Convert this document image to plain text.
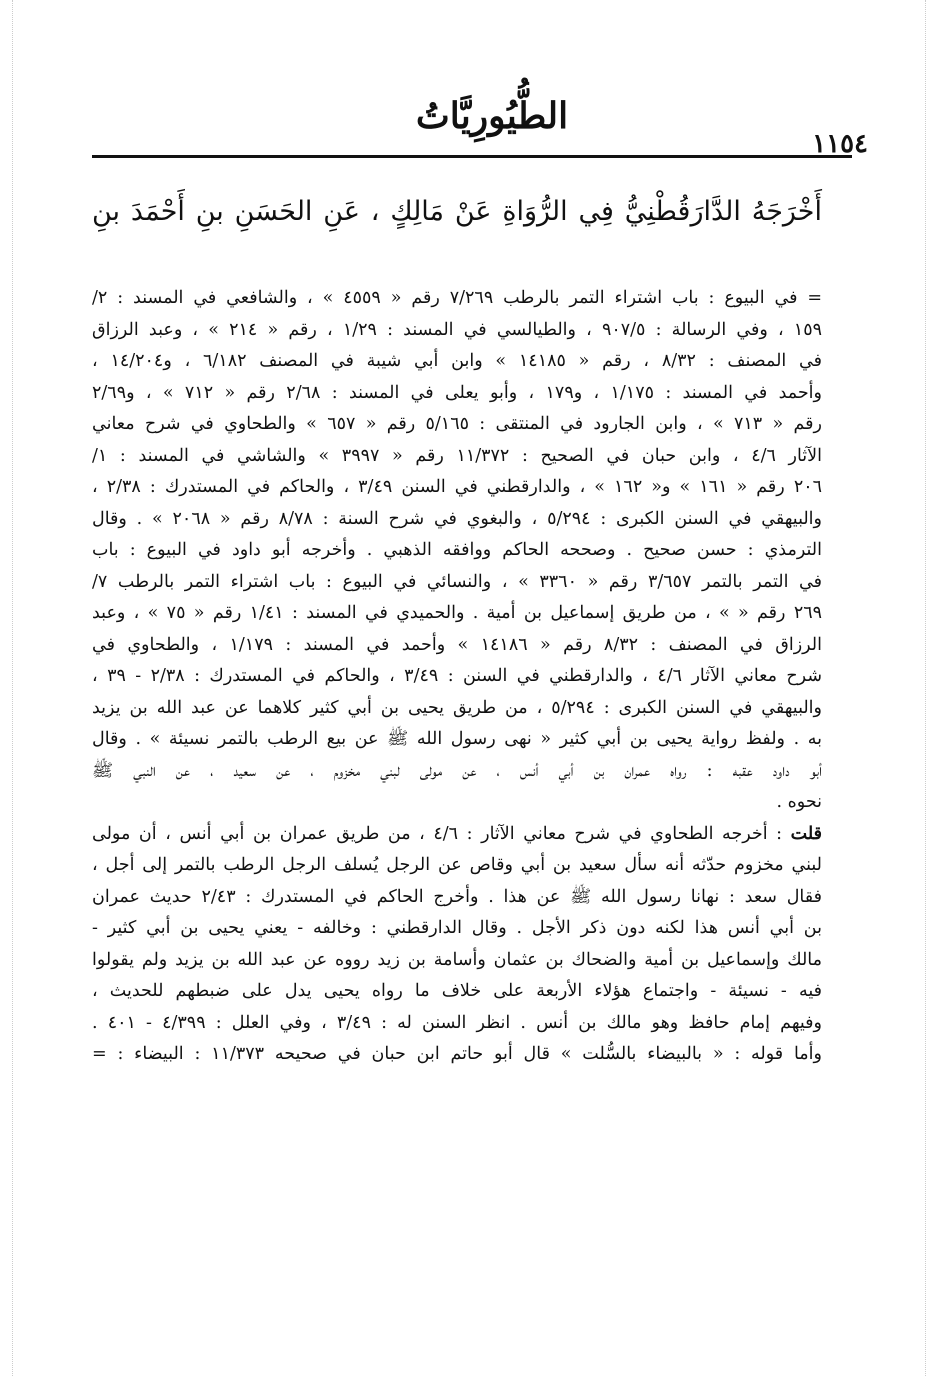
الطُّيُورِيَّاتُ
١١٥٤
أَخْرَجَهُ الدَّارَقُطْنِيُّ فِي الرُّوَاةِ عَنْ مَالِكٍ ، عَنِ الحَسَنِ بنِ أَحْمَدَ بنِ
= في البيوع : باب اشتراء التمر بالرطب ٧/٢٦٩ رقم « ٤٥٥٩ » ، والشافعي في المسند : ٢/
١٥٩ ، وفي الرسالة : ٩٠٧/٥ ، والطيالسي في المسند : ١/٢٩ ، رقم « ٢١٤ » ، وعبد الرزاق
في المصنف : ٨/٣٢ ، رقم « ١٤١٨٥ » وابن أبي شيبة في المصنف ٦/١٨٢ ، و١٤/٢٠٤ ،
وأحمد في المسند : ١/١٧٥ ، و١٧٩ ، وأبو يعلى في المسند : ٢/٦٨ رقم « ٧١٢ » ، و٢/٦٩
رقم « ٧١٣ » ، وابن الجارود في المنتقى : ٥/١٦٥ رقم « ٦٥٧ » والطحاوي في شرح معاني
الآثار ٤/٦ ، وابن حبان في الصحيح : ١١/٣٧٢ رقم « ٣٩٩٧ » والشاشي في المسند : ١/
٢٠٦ رقم « ١٦١ » و« ١٦٢ » ، والدارقطني في السنن ٣/٤٩ ، والحاكم في المستدرك : ٢/٣٨ ،
والبيهقي في السنن الكبرى : ٥/٢٩٤ ، والبغوي في شرح السنة : ٨/٧٨ رقم « ٢٠٦٨ » . وقال
الترمذي : حسن صحيح . وصححه الحاكم ووافقه الذهبي . وأخرجه أبو داود في البيوع : باب
في التمر بالتمر ٣/٦٥٧ رقم « ٣٣٦٠ » ، والنسائي في البيوع : باب اشتراء التمر بالرطب ٧/
٢٦٩ رقم « » ، من طريق إسماعيل بن أمية . والحميدي في المسند : ١/٤١ رقم « ٧٥ » ، وعبد
الرزاق في المصنف : ٨/٣٢ رقم « ١٤١٨٦ » وأحمد في المسند : ١/١٧٩ ، والطحاوي في
شرح معاني الآثار ٤/٦ ، والدارقطني في السنن : ٣/٤٩ ، والحاكم في المستدرك : ٢/٣٨ - ٣٩ ،
والبيهقي في السنن الكبرى : ٥/٢٩٤ ، من طريق يحيى بن أبي كثير كلاهما عن عبد الله بن يزيد
به . ولفظ رواية يحيى بن أبي كثير « نهى رسول الله ﷺ عن بيع الرطب بالتمر نسيئة » . وقال
أبو داود عقبه : رواه عمران بن أبي أنس ، عن مولى لبني مخزوم ، عن سعيد ، عن النبي ﷺ
نحوه .
قلت : أخرجه الطحاوي في شرح معاني الآثار : ٤/٦ ، من طريق عمران بن أبي أنس ، أن مولى
لبني مخزوم حدّثه أنه سأل سعيد بن أبي وقاص عن الرجل يُسلف الرجل الرطب بالتمر إلى أجل ،
فقال سعد : نهانا رسول الله ﷺ عن هذا . وأخرج الحاكم في المستدرك : ٢/٤٣ حديث عمران
بن أبي أنس هذا لكنه دون ذكر الأجل . وقال الدارقطني : وخالفه - يعني يحيى بن أبي كثير -
مالك وإسماعيل بن أمية والضحاك بن عثمان وأسامة بن زيد رووه عن عبد الله بن يزيد ولم يقولوا
فيه - نسيئة - واجتماع هؤلاء الأربعة على خلاف ما رواه يحيى يدل على ضبطهم للحديث ،
وفيهم إمام حافظ وهو مالك بن أنس . انظر السنن له : ٣/٤٩ ، وفي العلل : ٤/٣٩٩ - ٤٠١ .
وأما قوله : « بالبيضاء بالسُّلت » قال أبو حاتم ابن حبان في صحيحه ١١/٣٧٣ : البيضاء : =
